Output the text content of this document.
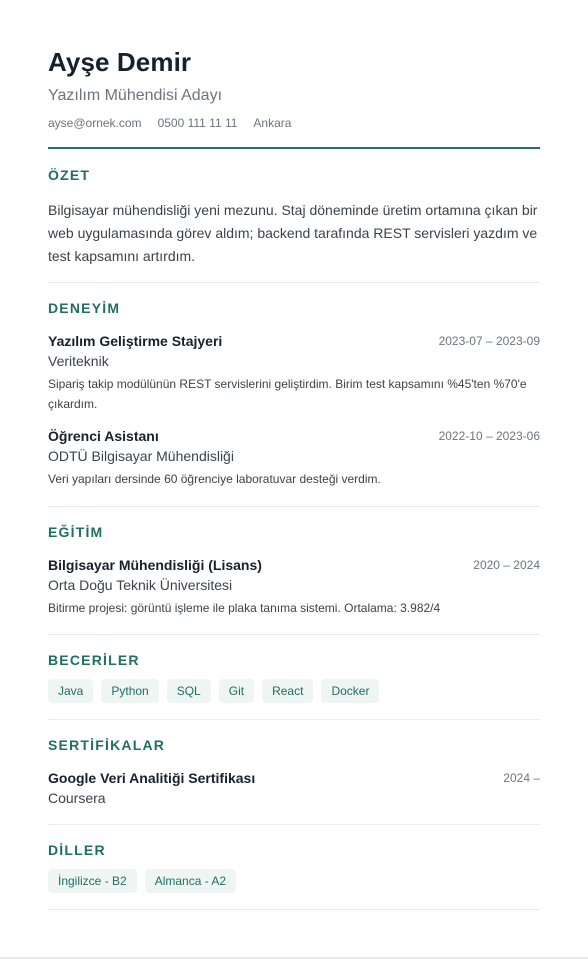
Ayşe Demir
Yazılım Mühendisi Adayı
ayse@ornek.com 0500 111 11 11 Ankara
ÖZET

Bilgisayar mühendisliği yeni mezunu. Staj döneminde üretim ortamına çıkan bir web uygulamasında görev aldım; backend tarafında REST servisleri yazdım ve test kapsamını artırdım.

DENEYİM
Yazılım Geliştirme Stajyeri	2023-07 – 2023-09
Veriteknik

Sipariş takip modülünün REST servislerini geliştirdim. Birim test kapsamını %45'ten %70'e çıkardım.

Öğrenci Asistanı	2022-10 – 2023-06
ODTÜ Bilgisayar Mühendisliği

Veri yapıları dersinde 60 öğrenciye laboratuvar desteği verdim.

EĞİTİM
Bilgisayar Mühendisliği (Lisans)	2020 – 2024
Orta Doğu Teknik Üniversitesi

Bitirme projesi: görüntü işleme ile plaka tanıma sistemi. Ortalama: 3.982/4

BECERİLER
Java	Python	SQL	Git	React	Docker
SERTİFİKALAR
Google Veri Analitiği Sertifikası	2024 –
Coursera
DİLLER
İngilizce - B2	Almanca - A2
